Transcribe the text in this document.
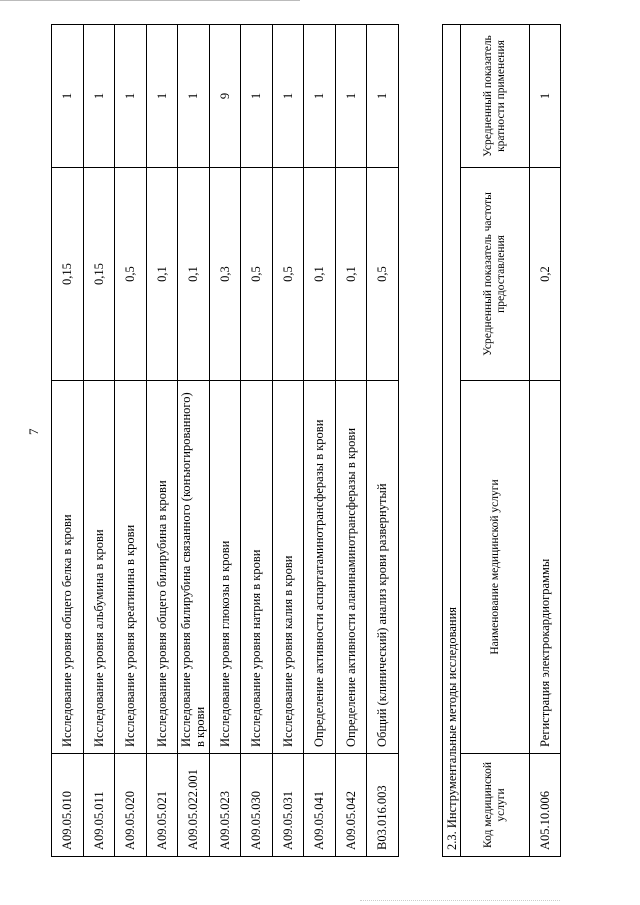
7
A09.05.010	Исследование уровня общего белка в крови	0,15	1
A09.05.011	Исследование уровня альбумина в крови	0,15	1
A09.05.020	Исследование уровня креатинина в крови	0,5	1
A09.05.021	Исследование уровня общего билирубина в крови	0,1	1
A09.05.022.001	Исследование уровня билирубина связанного (конъюгированного) в крови	0,1	1
A09.05.023	Исследование уровня глюкозы в крови	0,3	9
A09.05.030	Исследование уровня натрия в крови	0,5	1
A09.05.031	Исследование уровня калия в крови	0,5	1
A09.05.041	Определение активности аспартатаминотрансферазы в крови	0,1	1
A09.05.042	Определение активности аланинаминотрансферазы в крови	0,1	1
B03.016.003	Общий (клинический) анализ крови развернутый	0,5	1
2.3. Инструментальные методы исследования			
Код медицинской услуги	Наименование медицинской услуги	Усредненный показатель частоты предоставления	Усредненный показатель кратности применения
A05.10.006	Регистрация электрокардиограммы	0,2	1
